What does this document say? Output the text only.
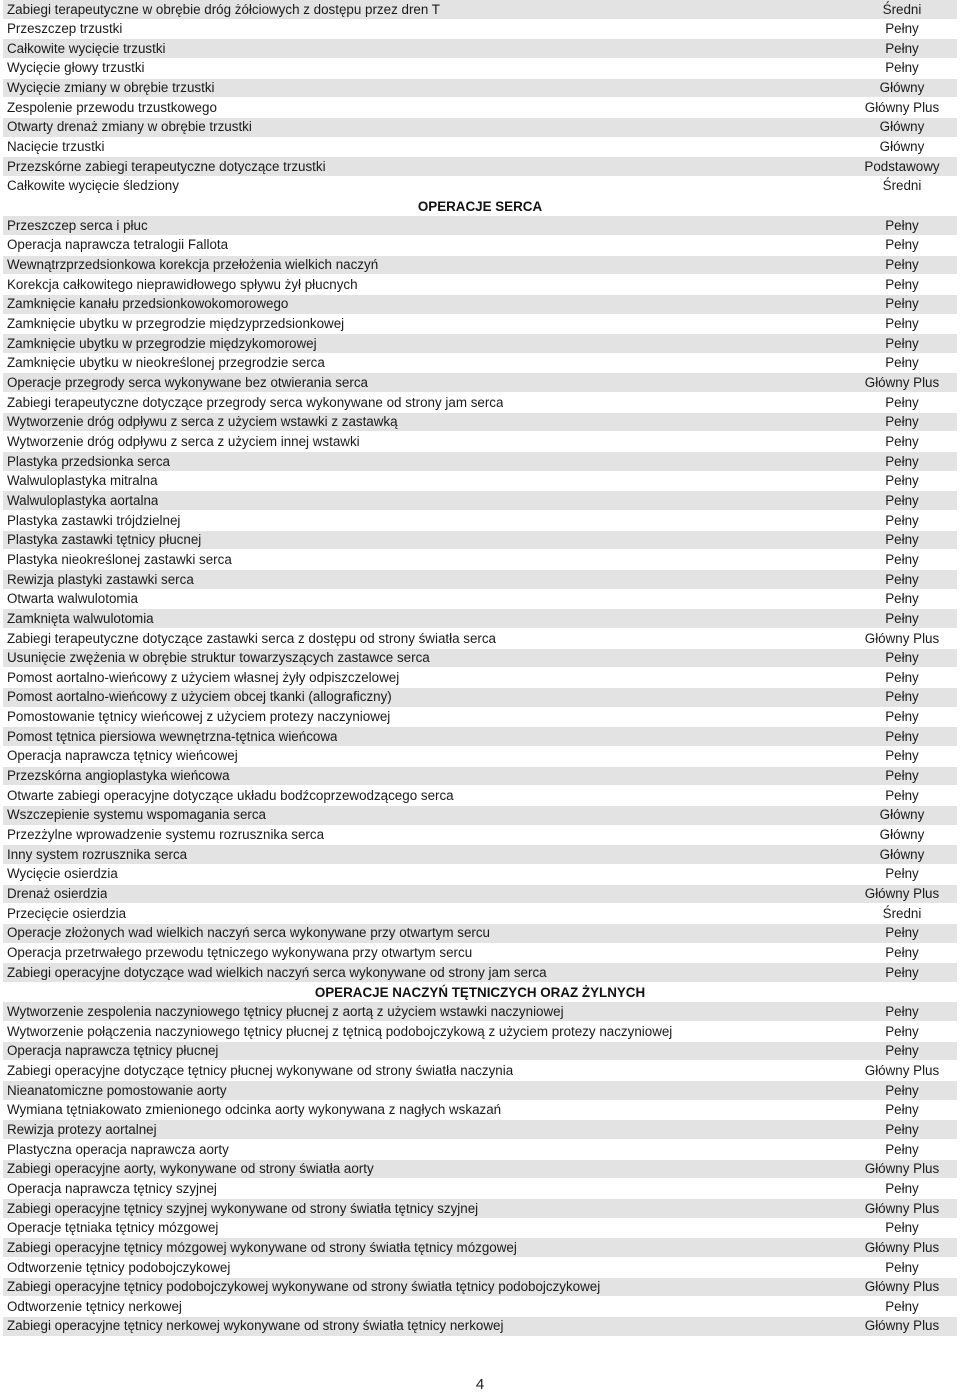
Zabiegi terapeutyczne w obrębie dróg żółciowych z dostępu przez dren T	Średni
Przeszczep trzustki	Pełny
Całkowite wycięcie trzustki	Pełny
Wycięcie głowy trzustki	Pełny
Wycięcie zmiany w obrębie trzustki	Główny
Zespolenie przewodu trzustkowego	Główny Plus
Otwarty drenaż zmiany w obrębie trzustki	Główny
Nacięcie trzustki	Główny
Przezskórne zabiegi terapeutyczne dotyczące trzustki	Podstawowy
Całkowite wycięcie śledziony	Średni
OPERACJE SERCA
Przeszczep serca i płuc	Pełny
Operacja naprawcza tetralogii Fallota	Pełny
Wewnątrzprzedsionkowa korekcja przełożenia wielkich naczyń	Pełny
Korekcja całkowitego nieprawidłowego spływu żył płucnych	Pełny
Zamknięcie kanału przedsionkowokomorowego	Pełny
Zamknięcie ubytku w przegrodzie międzyprzedsionkowej	Pełny
Zamknięcie ubytku w przegrodzie międzykomorowej	Pełny
Zamknięcie ubytku w nieokreślonej przegrodzie serca	Pełny
Operacje przegrody serca wykonywane bez otwierania serca	Główny Plus
Zabiegi terapeutyczne dotyczące przegrody serca wykonywane od strony jam serca	Pełny
Wytworzenie dróg odpływu z serca z użyciem wstawki z zastawką	Pełny
Wytworzenie dróg odpływu z serca z użyciem innej wstawki	Pełny
Plastyka przedsionka serca	Pełny
Walwuloplastyka mitralna	Pełny
Walwuloplastyka aortalna	Pełny
Plastyka zastawki trójdzielnej	Pełny
Plastyka zastawki tętnicy płucnej	Pełny
Plastyka nieokreślonej zastawki serca	Pełny
Rewizja plastyki zastawki serca	Pełny
Otwarta walwulotomia	Pełny
Zamknięta walwulotomia	Pełny
Zabiegi terapeutyczne dotyczące zastawki serca z dostępu od strony światła serca	Główny Plus
Usunięcie zwężenia w obrębie struktur towarzyszących zastawce serca	Pełny
Pomost aortalno-wieńcowy z użyciem własnej żyły odpiszczelowej	Pełny
Pomost aortalno-wieńcowy z użyciem obcej tkanki (allograficzny)	Pełny
Pomostowanie tętnicy wieńcowej z użyciem protezy naczyniowej	Pełny
Pomost tętnica piersiowa wewnętrzna-tętnica wieńcowa	Pełny
Operacja naprawcza tętnicy wieńcowej	Pełny
Przezskórna angioplastyka wieńcowa	Pełny
Otwarte zabiegi operacyjne dotyczące układu bodźcoprzewodzącego serca	Pełny
Wszczepienie systemu wspomagania serca	Główny
Przezżylne wprowadzenie systemu rozrusznika serca	Główny
Inny system rozrusznika serca	Główny
Wycięcie osierdzia	Pełny
Drenaż osierdzia	Główny Plus
Przecięcie osierdzia	Średni
Operacje złożonych wad wielkich naczyń serca wykonywane przy otwartym sercu	Pełny
Operacja przetrwałego przewodu tętniczego wykonywana przy otwartym sercu	Pełny
Zabiegi operacyjne dotyczące wad wielkich naczyń serca wykonywane od strony jam serca	Pełny
OPERACJE NACZYŃ TĘTNICZYCH ORAZ ŻYLNYCH
Wytworzenie zespolenia naczyniowego tętnicy płucnej z aortą z użyciem wstawki naczyniowej	Pełny
Wytworzenie połączenia naczyniowego tętnicy płucnej z tętnicą podobojczykową z użyciem protezy naczyniowej	Pełny
Operacja naprawcza tętnicy płucnej	Pełny
Zabiegi operacyjne dotyczące tętnicy płucnej wykonywane od strony światła naczynia	Główny Plus
Nieanatomiczne pomostowanie aorty	Pełny
Wymiana tętniakowato zmienionego odcinka aorty wykonywana z nagłych wskazań	Pełny
Rewizja protezy aortalnej	Pełny
Plastyczna operacja naprawcza aorty	Pełny
Zabiegi operacyjne aorty, wykonywane od strony światła aorty	Główny Plus
Operacja naprawcza tętnicy szyjnej	Pełny
Zabiegi operacyjne tętnicy szyjnej wykonywane od strony światła tętnicy szyjnej	Główny Plus
Operacje tętniaka tętnicy mózgowej	Pełny
Zabiegi operacyjne tętnicy mózgowej wykonywane od strony światła tętnicy mózgowej	Główny Plus
Odtworzenie tętnicy podobojczykowej	Pełny
Zabiegi operacyjne tętnicy podobojczykowej wykonywane od strony światła tętnicy podobojczykowej	Główny Plus
Odtworzenie tętnicy nerkowej	Pełny
Zabiegi operacyjne tętnicy nerkowej wykonywane od strony światła tętnicy nerkowej	Główny Plus
4
